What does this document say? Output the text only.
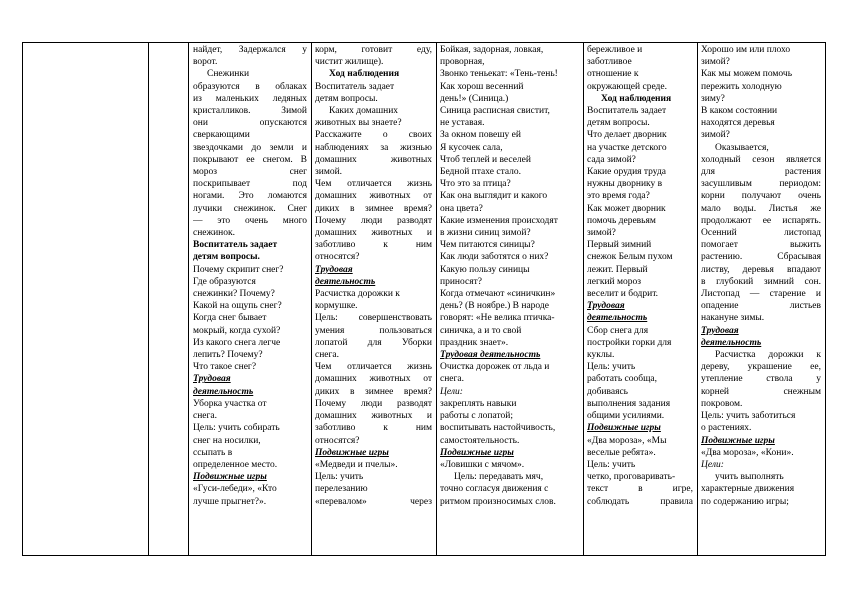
найдет, Задержался у

ворот.

Снежинки

образуются в облаках

из маленьких ледяных

кристалликов. Зимой

они опускаются

сверкающими

звездочками до земли и

покрывают ее снегом. В

мороз снег

поскрипывает под

ногами. Это ломаются

лучики снежинок. Снег

— это очень много

снежинок.

Воспитатель задает

детям вопросы.

Почему скрипит снег?

Где образуются

снежинки? Почему?

Какой на ощупь снег?

Когда снег бывает

мокрый, когда сухой?

Из какого снега легче

лепить? Почему?

Что такое снег?

Трудовая

деятельность

Уборка участка от

снега.

Цель: учить собирать

снег на носилки,

ссыпать в

определенное место.

Подвижные игры

«Гуси-лебеди», «Кто

лучше прыгнет?».

корм, готовит еду,

чистит жилище).

Ход наблюдения

Воспитатель задает

детям вопросы.

Каких домашних

животных вы знаете?

Расскажите о своих

наблюдениях за жизнью

домашних животных

зимой.

Чем отличается жизнь

домашних животных от

диких в зимнее время?

Почему люди разводят

домашних животных и

заботливо к ним

относятся?

Трудовая

деятельность

Расчистка дорожки к

кормушке.

Цель: совершенствовать

умения пользоваться

лопатой для Уборки

снега.

Чем отличается жизнь

домашних животных от

диких в зимнее время?

Почему люди разводят

домашних животных и

заботливо к ним

относятся?

Подвижные игры

«Медведи и пчелы».

Цель: учить

перелезанию

«перевалом» через

Бойкая, задорная, ловкая,

проворная,

Звонко теньекат: «Тень-тень!

Как хорош весенний

день!» (Синица.)

Синица расписная свистит,

не уставая.

За окном повешу ей

Я кусочек сала,

Чтоб теплей и веселей

Бедной птахе стало.

Что это за птица?

Как она выглядит и какого

она цвета?

Какие изменения происходят

в жизни синиц зимой?

Чем питаются синицы?

Как люди заботятся о них?

Какую пользу синицы

приносят?

Когда отмечают «синичкин»

день? (В ноябре.) В народе

говорят: «Не велика птичка-

синичка, а и то свой

праздник знает».

Трудовая деятельность

Очистка дорожек от льда и

снега.

Цели:

закреплять навыки

работы с лопатой;

воспитывать настойчивость,

самостоятельность.

Подвижные игры

«Ловишки с мячом».

Цель: передавать мяч,

точно согласуя движения с

ритмом произносимых слов.

бережливое и

заботливое

отношение к

окружающей среде.

Ход наблюдения

Воспитатель задает

детям вопросы.

Что делает дворник

на участке детского

сада зимой?

Какие орудия труда

нужны дворнику в

это время года?

Как может дворник

помочь деревьям

зимой?

Первый зимний

снежок Белым пухом

лежит. Первый

легкий мороз

веселит и бодрит.

Трудовая

деятельность

Сбор снега для

постройки горки для

куклы.

Цель: учить

работать сообща,

добиваясь

выполнения задания

общими усилиями.

Подвижные игры

«Два мороза», «Мы

веселые ребята».

Цель: учить

четко, проговаривать-

текст в игре,

соблюдать правила

Хорошо им или плохо

зимой?

Как мы можем помочь

пережить холодную

зиму?

В каком состоянии

находятся деревья

зимой?

Оказывается,

холодный сезон является

для растения

засушливым периодом:

корни получают очень

мало воды. Листья же

продолжают ее испарять.

Осенний листопад

помогает выжить

растению. Сбрасывая

листву, деревья впадают

в глубокий зимний сон.

Листопад — старение и

опадение листьев

накануне зимы.

Трудовая

деятельность

Расчистка дорожки к

дереву, украшение ее,

утепление ствола у

корней снежным

покровом.

Цель: учить заботиться

о растениях.

Подвижные игры

«Два мороза», «Кони».

Цели:

учить выполнять

характерные движения

по содержанию игры;
